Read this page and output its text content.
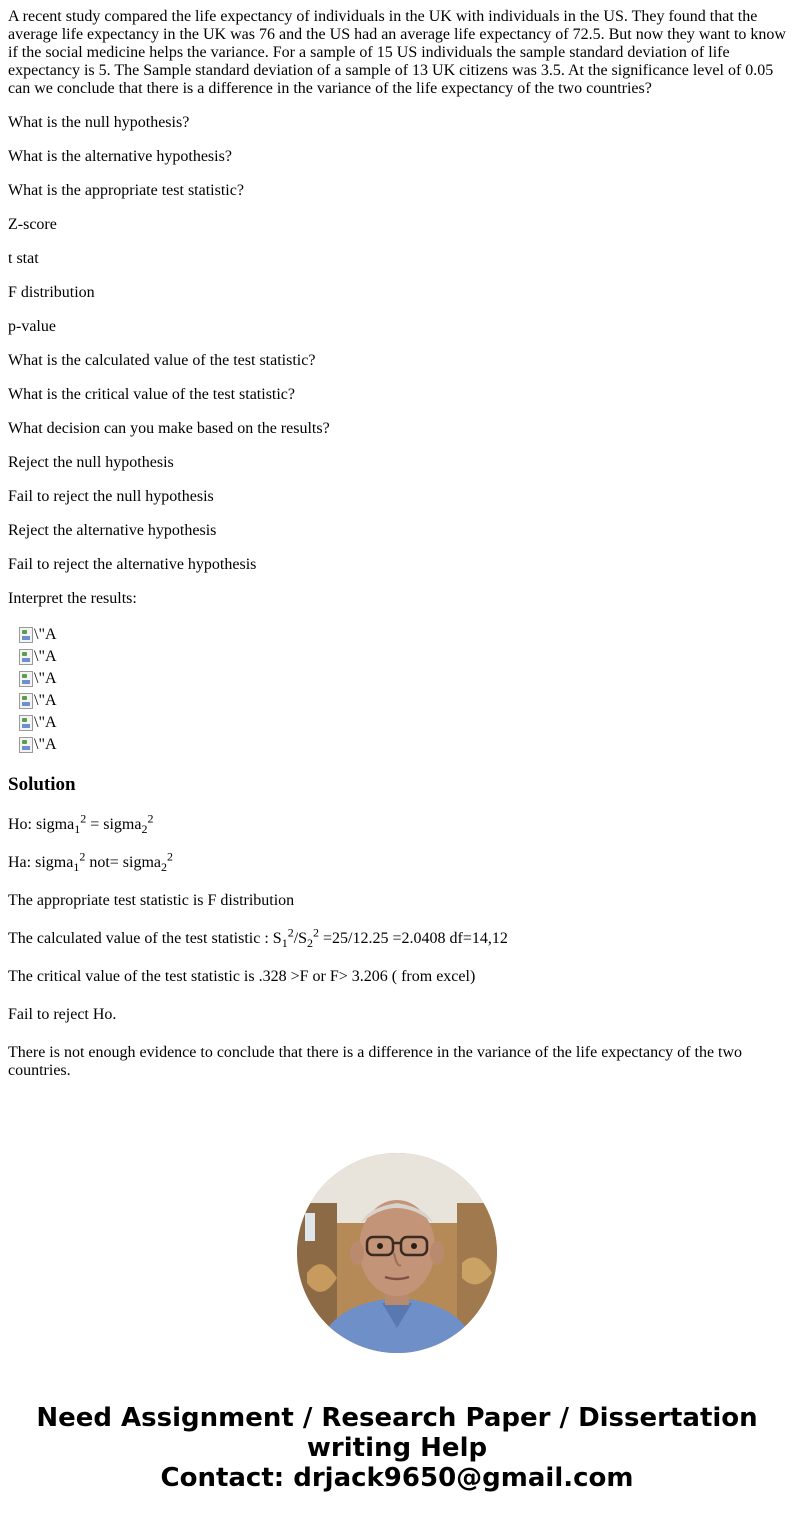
A recent study compared the life expectancy of individuals in the UK with individuals in the US. They found that the average life expectancy in the UK was 76 and the US had an average life expectancy of 72.5. But now they want to know if the social medicine helps the variance. For a sample of 15 US individuals the sample standard deviation of life expectancy is 5. The Sample standard deviation of a sample of 13 UK citizens was 3.5. At the significance level of 0.05 can we conclude that there is a difference in the variance of the life expectancy of the two countries?

What is the null hypothesis?

What is the alternative hypothesis?

What is the appropriate test statistic?

Z-score

t stat

F distribution

p-value

What is the calculated value of the test statistic?

What is the critical value of the test statistic?

What decision can you make based on the results?

Reject the null hypothesis

Fail to reject the null hypothesis

Reject the alternative hypothesis

Fail to reject the alternative hypothesis

Interpret the results:

\"A
\"A
\"A
\"A
\"A
\"A
Solution

Ho: sigma$_1^2$ = sigma$_2^2$

Ha: sigma$_1^2$ not= sigma$_2^2$

The appropriate test statistic is F distribution

The calculated value of the test statistic : $S_1^2/S_2^2 =25/12.25 =2.0408$ df=14,12

The critical value of the test statistic is .328 >F or F> 3.206 ( from excel)

Fail to reject Ho.

There is not enough evidence to conclude that there is a difference in the variance of the life expectancy of the two countries.

Need Assignment / Research Paper / Dissertation writing Help
Contact: drjack9650@gmail.com
